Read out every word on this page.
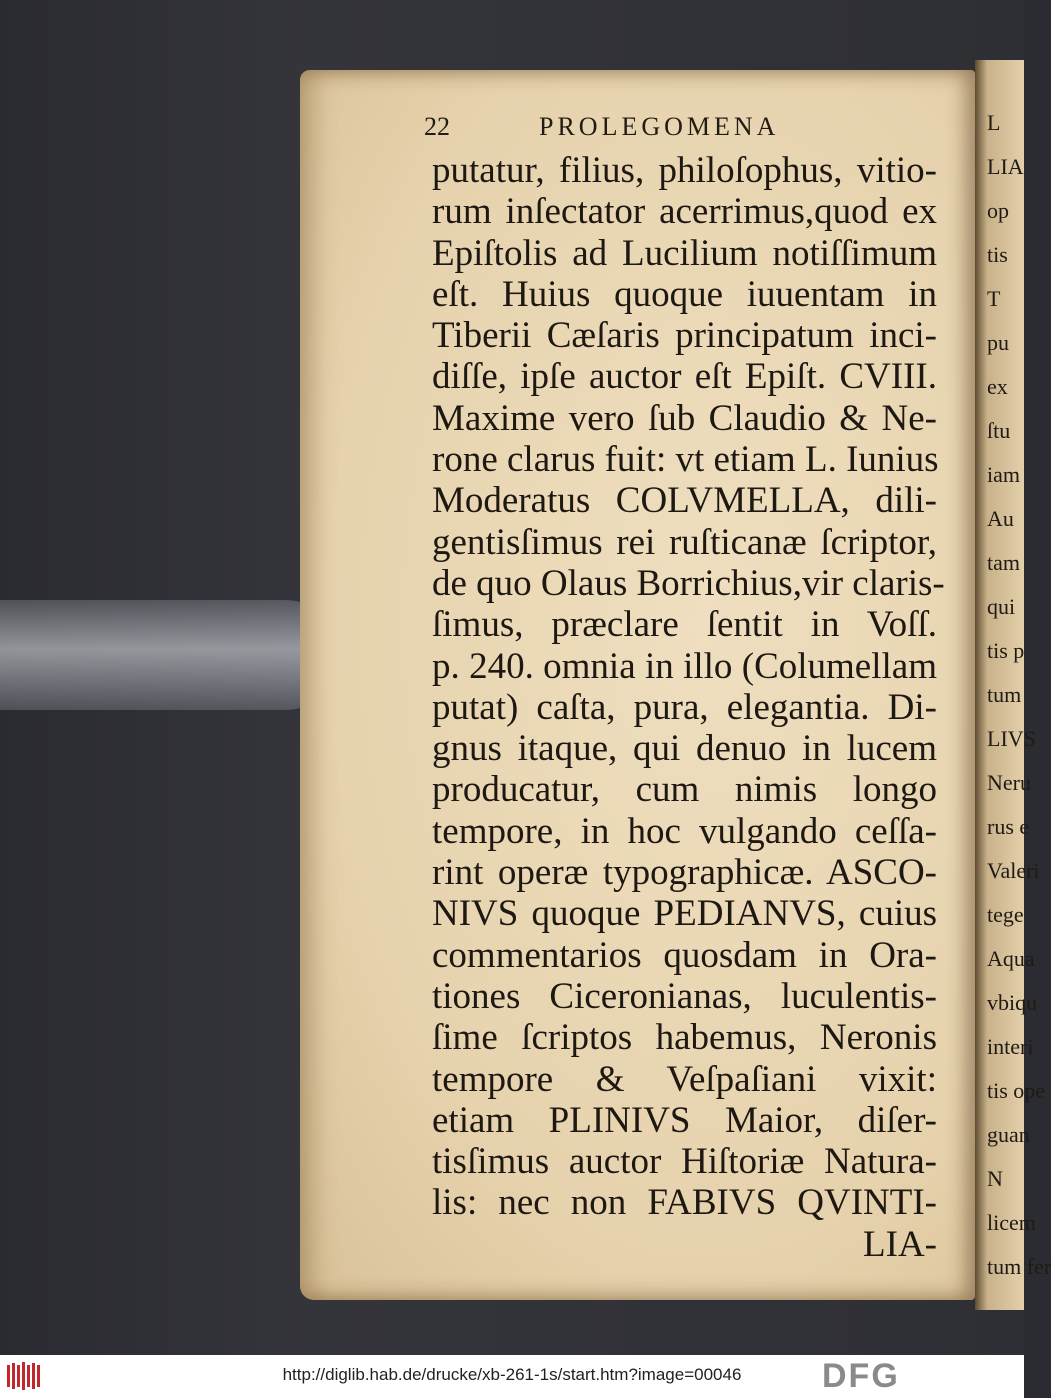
L
LIA
op
tis
T
pu
ex
ſtu
iam
Au
tam
qui
tis p
tum
LIVS
Neru
rus e
Valeri
tege
Aqua
vbiqu
interi
tis ope
guan
N
licem
tum fer
22	PROLEGOMENA
putatur, filius, philoſophus, vitio-
rum inſectator acerrimus,quod ex
Epiſtolis ad Lucilium notiſſimum
eſt. Huius quoque iuuentam in
Tiberii Cæſaris principatum inci-
diſſe, ipſe auctor eſt Epiſt. CVIII.
Maxime vero ſub Claudio & Ne-
rone clarus fuit: vt etiam L. Iunius
Moderatus COLVMELLA, dili-
gentisſimus rei ruſticanæ ſcriptor,
de quo Olaus Borrichius,vir claris-
ſimus, præclare ſentit in Voſſ.
p. 240. omnia in illo (Columellam
putat) caſta, pura, elegantia. Di-
gnus itaque, qui denuo in lucem
producatur, cum nimis longo
tempore, in hoc vulgando ceſſa-
rint operæ typographicæ. ASCO-
NIVS quoque PEDIANVS, cuius
commentarios quosdam in Ora-
tiones Ciceronianas, luculentis-
ſime ſcriptos habemus, Neronis
tempore & Veſpaſiani vixit:
etiam PLINIVS Maior, diſer-
tisſimus auctor Hiſtoriæ Natura-
lis: nec non FABIVS QVINTI-
LIA-
http://diglib.hab.de/drucke/xb-261-1s/start.htm?image=00046	DFG
